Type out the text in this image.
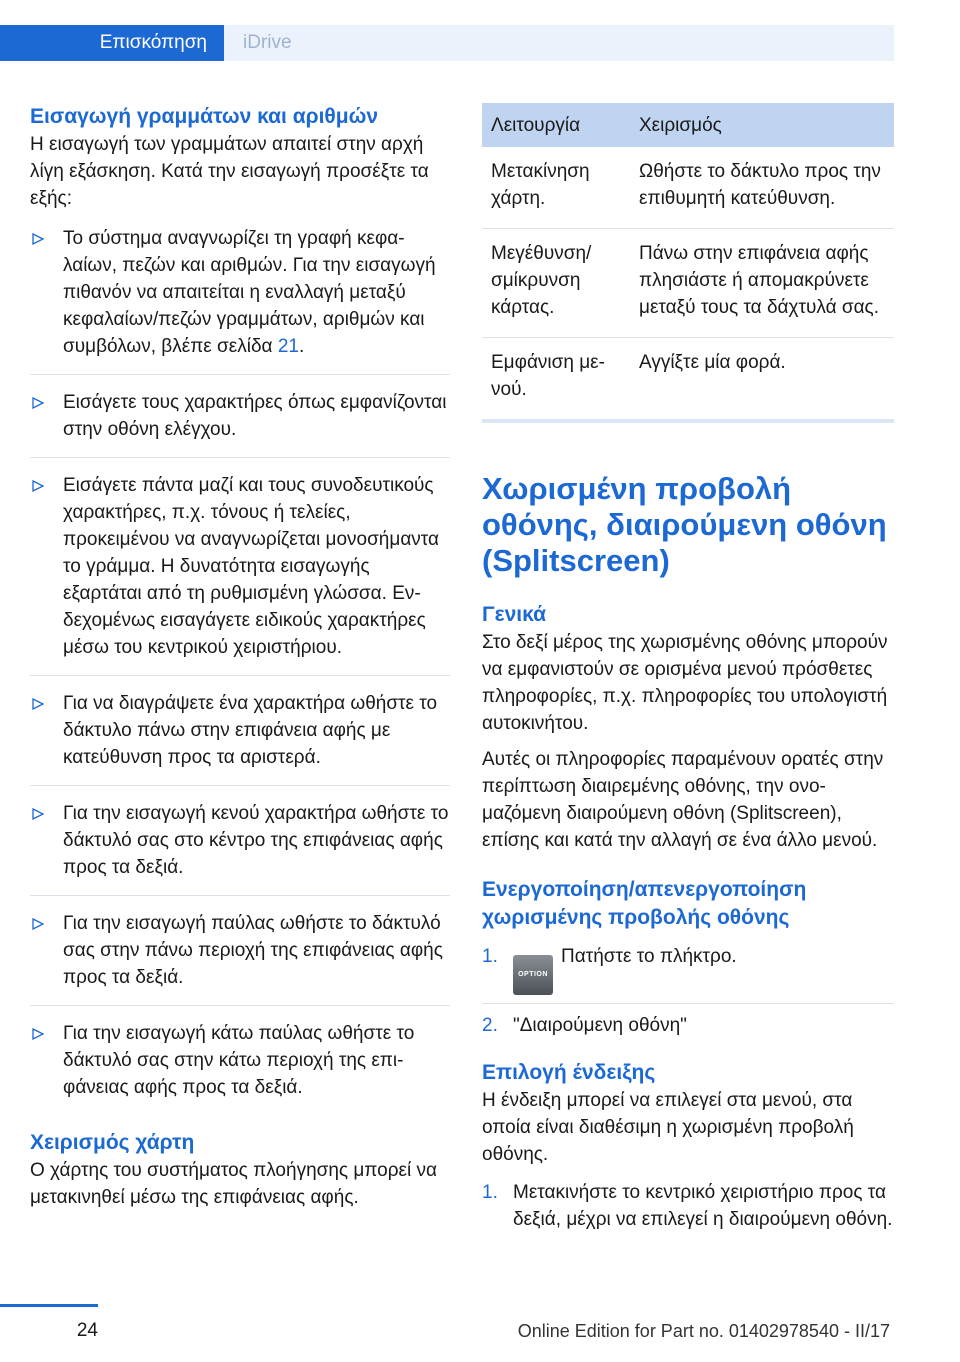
Επισκόπηση	iDrive
Εισαγωγή γραμμάτων και αριθμών

Η εισαγωγή των γραμμάτων απαιτεί στην αρχή λίγη εξάσκηση. Κατά την εισαγωγή προσέξτε τα εξής:

Το σύστημα αναγνωρίζει τη γραφή κεφαλαίων, πεζών και αριθμών. Για την εισαγωγή πιθανόν να απαιτείται η εναλλαγή μεταξύ κεφαλαίων/πεζών γραμμάτων, αριθμών και συμβόλων, βλέπε σελίδα 21.
Εισάγετε τους χαρακτήρες όπως εμφανίζονται στην οθόνη ελέγχου.
Εισάγετε πάντα μαζί και τους συνοδευτικούς χαρακτήρες, π.χ. τόνους ή τελείες, προκειμένου να αναγνωρίζεται μονοσήμαντα το γράμμα. Η δυνατότητα εισαγωγής εξαρτάται από τη ρυθμισμένη γλώσσα. Ενδεχομένως εισαγάγετε ειδικούς χαρακτήρες μέσω του κεντρικού χειριστήριου.
Για να διαγράψετε ένα χαρακτήρα ωθήστε το δάκτυλο πάνω στην επιφάνεια αφής με κατεύθυνση προς τα αριστερά.
Για την εισαγωγή κενού χαρακτήρα ωθήστε το δάκτυλό σας στο κέντρο της επιφάνειας αφής προς τα δεξιά.
Για την εισαγωγή παύλας ωθήστε το δάκτυλό σας στην πάνω περιοχή της επιφάνειας αφής προς τα δεξιά.
Για την εισαγωγή κάτω παύλας ωθήστε το δάκτυλό σας στην κάτω περιοχή της επιφάνειας αφής προς τα δεξιά.
Χειρισμός χάρτη

Ο χάρτης του συστήματος πλοήγησης μπορεί να μετακινηθεί μέσω της επιφάνειας αφής.

Λειτουργία	Χειρισμός
Μετακίνηση χάρτη.	Ωθήστε το δάκτυλο προς την επιθυμητή κατεύθυνση.
Μεγέθυνση/σμίκρυνση κάρτας.	Πάνω στην επιφάνεια αφής πλησιάστε ή απομακρύνετε μεταξύ τους τα δάχτυλά σας.
Εμφάνιση μενού.	Αγγίξτε μία φορά.
Χωρισμένη προβολή οθόνης, διαιρούμενη οθόνη (Splitscreen)
Γενικά

Στο δεξί μέρος της χωρισμένης οθόνης μπορούν να εμφανιστούν σε ορισμένα μενού πρόσθετες πληροφορίες, π.χ. πληροφορίες του υπολογιστή αυτοκινήτου.

Αυτές οι πληροφορίες παραμένουν ορατές στην περίπτωση διαιρεμένης οθόνης, την ονομαζόμενη διαιρούμενη οθόνη (Splitscreen), επίσης και κατά την αλλαγή σε ένα άλλο μενού.

Ενεργοποίηση/απενεργοποίηση χωρισμένης προβολής οθόνης
1.
OPTIONΠατήστε το πλήκτρο.
2. "Διαιρούμενη οθόνη"
Επιλογή ένδειξης

Η ένδειξη μπορεί να επιλεγεί στα μενού, στα οποία είναι διαθέσιμη η χωρισμένη προβολή οθόνης.

1. Μετακινήστε το κεντρικό χειριστήριο προς τα δεξιά, μέχρι να επιλεγεί η διαιρούμενη οθόνη.
24	Online Edition for Part no. 01402978540 - II/17
